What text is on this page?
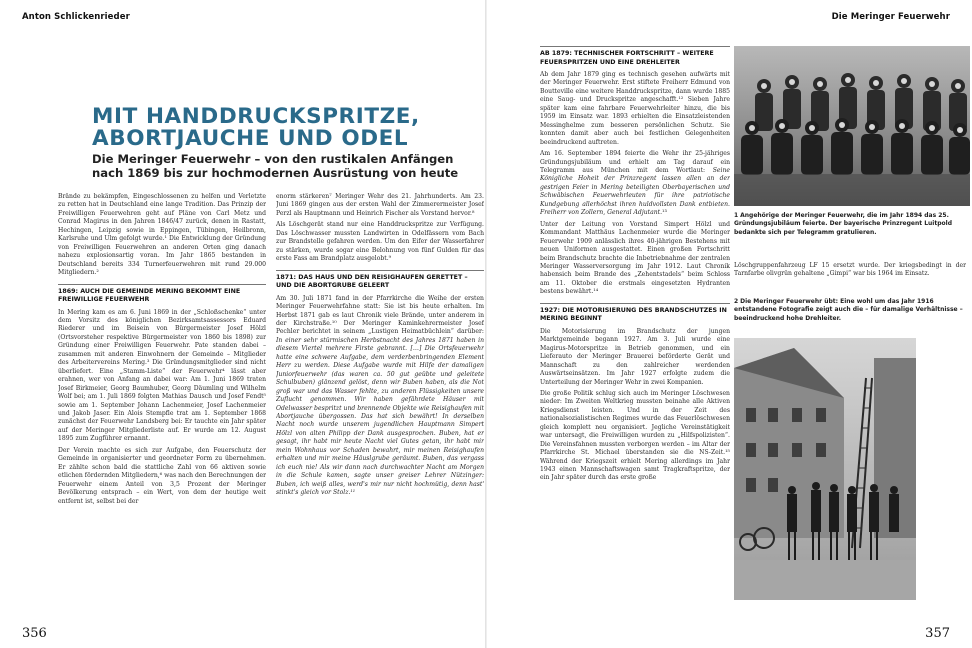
Anton Schlickenrieder	Die Meringer Feuerwehr
MIT HANDDRUCKSPRITZE,
ABORTJAUCHE UND ODEL
Die Meringer Feuerwehr – von den rustikalen Anfängen
nach 1869 bis zur hochmodernen Ausrüstung von heute

Brände zu bekämpfen, Eingeschlossenen zu helfen und Verletzte zu retten hat in Deutschland eine lange Tradition. Das Prinzip der Freiwilligen Feuerwehren geht auf Pläne von Carl Metz und Conrad Magirus in den Jahren 1846/47 zurück, denen in Rastatt, Hechingen, Leipzig sowie in Eppingen, Tübingen, Heilbronn, Karlsruhe und Ulm gefolgt wurde.¹ Die Entwicklung der Gründung von Freiwilligen Feuerwehren an anderen Orten ging danach nahezu explosionsartig voran. Im Jahr 1865 bestanden in Deutschland bereits 334 Turnerfeuerwehren mit rund 29.000 Mitgliedern.²

1869: AUCH DIE GEMEINDE MERING BEKOMMT EINE FREIWILLIGE FEUERWEHR

In Mering kam es am 6. Juni 1869 in der „Schloßschenke“ unter dem Vorsitz des königlichen Bezirksamtsassessors Eduard Riederer und im Beisein von Bürgermeister Josef Hölzl (Ortsvorsteher respektive Bürgermeister von 1860 bis 1898) zur Gründung einer Freiwilligen Feuerwehr. Pate standen dabei – zusammen mit anderen Einwohnern der Gemeinde – Mitglieder des Arbeitervereins Mering.³ Die Gründungsmitglieder sind nicht überliefert. Eine „Stamm-Liste“ der Feuerwehr⁴ lässt aber erahnen, wer von Anfang an dabei war: Am 1. Juni 1869 traten Josef Birkmeier, Georg Baumhuber, Georg Däumling und Wilhelm Wolf bei; am 1. Juli 1869 folgten Mathias Dausch und Josef Fendt⁵ sowie am 1. September Johann Lachenmeier, Josef Lachenmeier und Jakob Jaser. Ein Alois Stempfle trat am 1. September 1868 zunächst der Feuerwehr Landsberg bei: Er tauchte ein Jahr später auf der Meringer Mitgliederliste auf. Er wurde am 12. August 1895 zum Zugführer ernannt.

Der Verein machte es sich zur Aufgabe, den Feuerschutz der Gemeinde in organisierter und geordneter Form zu übernehmen. Er zählte schon bald die stattliche Zahl von 66 aktiven sowie etlichen fördernden Mitgliedern,⁶ was nach den Berechnungen der Feuerwehr einem Anteil von 3,5 Prozent der Meringer Bevölkerung entsprach – ein Wert, von dem der heutige weit entfernt ist, selbst bei der

enorm stärkeren⁷ Meringer Wehr des 21. Jahrhunderts. Am 23. Juni 1869 gingen aus der ersten Wahl der Zimmerermeister Josef Perzl als Hauptmann und Heinrich Fischer als Vorstand hervor.⁸

Als Löschgerät stand nur eine Handdruckspritze zur Verfügung. Das Löschwasser mussten Landwirten in Odelfässern vom Bach zur Brandstelle gefahren werden. Um den Eifer der Wasserfahrer zu stärken, wurde sogar eine Belohnung von fünf Gulden für das erste Fass am Brandplatz ausgelobt.⁹

1871: DAS HAUS UND DEN REISIGHAUFEN GERETTET – UND DIE ABORTGRUBE GELEERT

Am 30. Juli 1871 fand in der Pfarrkirche die Weihe der ersten Meringer Feuerwehrfahne statt: Sie ist bis heute erhalten. Im Herbst 1871 gab es laut Chronik viele Brände, unter anderem in der Kirchstraße.¹⁰ Der Meringer Kaminkehrermeister Josef Pechler berichtet in seinem „Lustigen Heimatbüchlein“ darüber: In einer sehr stürmischen Herbstnacht des Jahres 1871 haben in diesem Viertel mehrere Firste gebrannt. […] Die Ortsfeuerwehr hatte eine schwere Aufgabe, dem verderbenbringenden Element Herr zu werden. Diese Aufgabe wurde mit Hilfe der damaligen Juniorfeuerwehr (das waren ca. 50 gut geübte und geleitete Schulbuben) glänzend gelöst, denn wir Buben haben, als die Not groß war und das Wasser fehlte, zu anderen Flüssigkeiten unsere Zuflucht genommen. Wir haben gefährdete Häuser mit Odelwasser bespritzt und brennende Objekte wie Reisighaufen mit Abortjauche übergossen. Das hat sich bewährt! In derselben Nacht noch wurde unserem jugendlichen Hauptmann Simpert Hölzl von alten Philipp der Dank ausgesprochen. Buben, hat er gesagt, ihr habt mir heute Nacht viel Gutes getan, ihr habt mir mein Wohnhaus vor Schaden bewahrt, mir meinen Reisighaufen erhalten und mir meine Häuslgrube geräumt. Buben, das vergass ich euch nie! Als wir dann nach durchwachter Nacht am Morgen in die Schule kamen, sagte unser greiser Lehrer Nützinger: Buben, ich weiß alles, werd's mir nur nicht hochmütig, denn hast' stinkt's gleich vor Stolz.¹¹

AB 1879: TECHNISCHER FORTSCHRITT – WEITERE FEUERSPRITZEN UND EINE DREHLEITER

Ab dem Jahr 1879 ging es technisch gesehen aufwärts mit der Meringer Feuerwehr. Erst stiftete Freiherr Edmund von Boutteville eine weitere Handdruckspritze, dann wurde 1885 eine Saug- und Druckspritze angeschafft.¹² Sieben Jahre später kam eine fahrbare Feuerwehrleiter hinzu, die bis 1959 im Einsatz war. 1893 erhielten die Einsatzleistenden Messinghelme zum besseren persönlichen Schutz. Sie konnten damit aber auch bei festlichen Gelegenheiten beeindruckend auftreten.

Am 16. September 1894 feierte die Wehr ihr 25-jähriges Gründungsjubiläum und erhielt am Tag darauf ein Telegramm aus München mit dem Wortlaut: Seine Königliche Hoheit der Prinzregent lassen allen an der gestrigen Feier in Mering beteiligten Oberbayerischen und Schwäbischen Feuerwehrleuten für ihre patriotische Kundgebung allerhöchst ihren huldvollsten Dank entbieten. Freiherr von Zollern, General Adjutant.¹³

Unter der Leitung von Vorstand Simpert Hölzl und Kommandant Matthäus Lachenmeier wurde die Meringer Feuerwehr 1909 anlässlich ihres 40-jährigen Bestehens mit neuen Uniformen ausgestattet. Einen großen Fortschritt beim Brandschutz brachte die Inbetriebnahme der zentralen Meringer Wasserversorgung im Jahr 1912. Laut Chronik habensich beim Brande des „Zehentstadels“ beim Schloss am 11. Oktober die erstmals eingesetzten Hydranten bestens bewährt.¹⁴

1927: DIE MOTORISIERUNG DES BRANDSCHUTZES IN MERING BEGINNT

Die Motorisierung im Brandschutz der jungen Marktgemeinde begann 1927. Am 3. Juli wurde eine Magirus-Motorspritze in Betrieb genommen, und ein Lieferauto der Meringer Brauerei beförderte Gerät und Mannschaft zu den zahlreicher werdenden Auswärtseinsätzen. Im Jahr 1927 erfolgte zudem die Unterteilung der Meringer Wehr in zwei Kompanien.

Die große Politik schlug sich auch im Meringer Löschwesen nieder: Im Zweiten Weltkrieg mussten beinahe alle Aktiven Kriegsdienst leisten. Und in der Zeit des nationalsozialistischen Regimes wurde das Feuerlöschwesen gleich komplett neu organisiert. Jegliche Vereinstätigkeit war untersagt, die Freiwilligen wurden zu „Hilfspolizisten“. Die Vereinsfahnen mussten verborgen werden – im Altar der Pfarrkirche St. Michael überstanden sie die NS-Zeit.¹⁵ Während der Kriegszeit erhielt Mering allerdings im Jahr 1943 einen Mannschaftswagen samt Tragkraftspritze, der ein Jahr später durch das erste große

1 Angehörige der Meringer Feuerwehr, die im Jahr 1894 das 25. Gründungsjubiläum feierte. Der bayerische Prinzregent Luitpold bedankte sich per Telegramm gratulieren.

Löschgruppenfahrzeug LF 15 ersetzt wurde. Der kriegsbedingt in der Tarnfarbe olivgrün gehaltene „Gimpi“ war bis 1964 im Einsatz.

2 Die Meringer Feuerwehr übt: Eine wohl um das Jahr 1916 entstandene Fotografie zeigt auch die – für damalige Verhältnisse – beeindruckend hohe Drehleiter.
356	357
